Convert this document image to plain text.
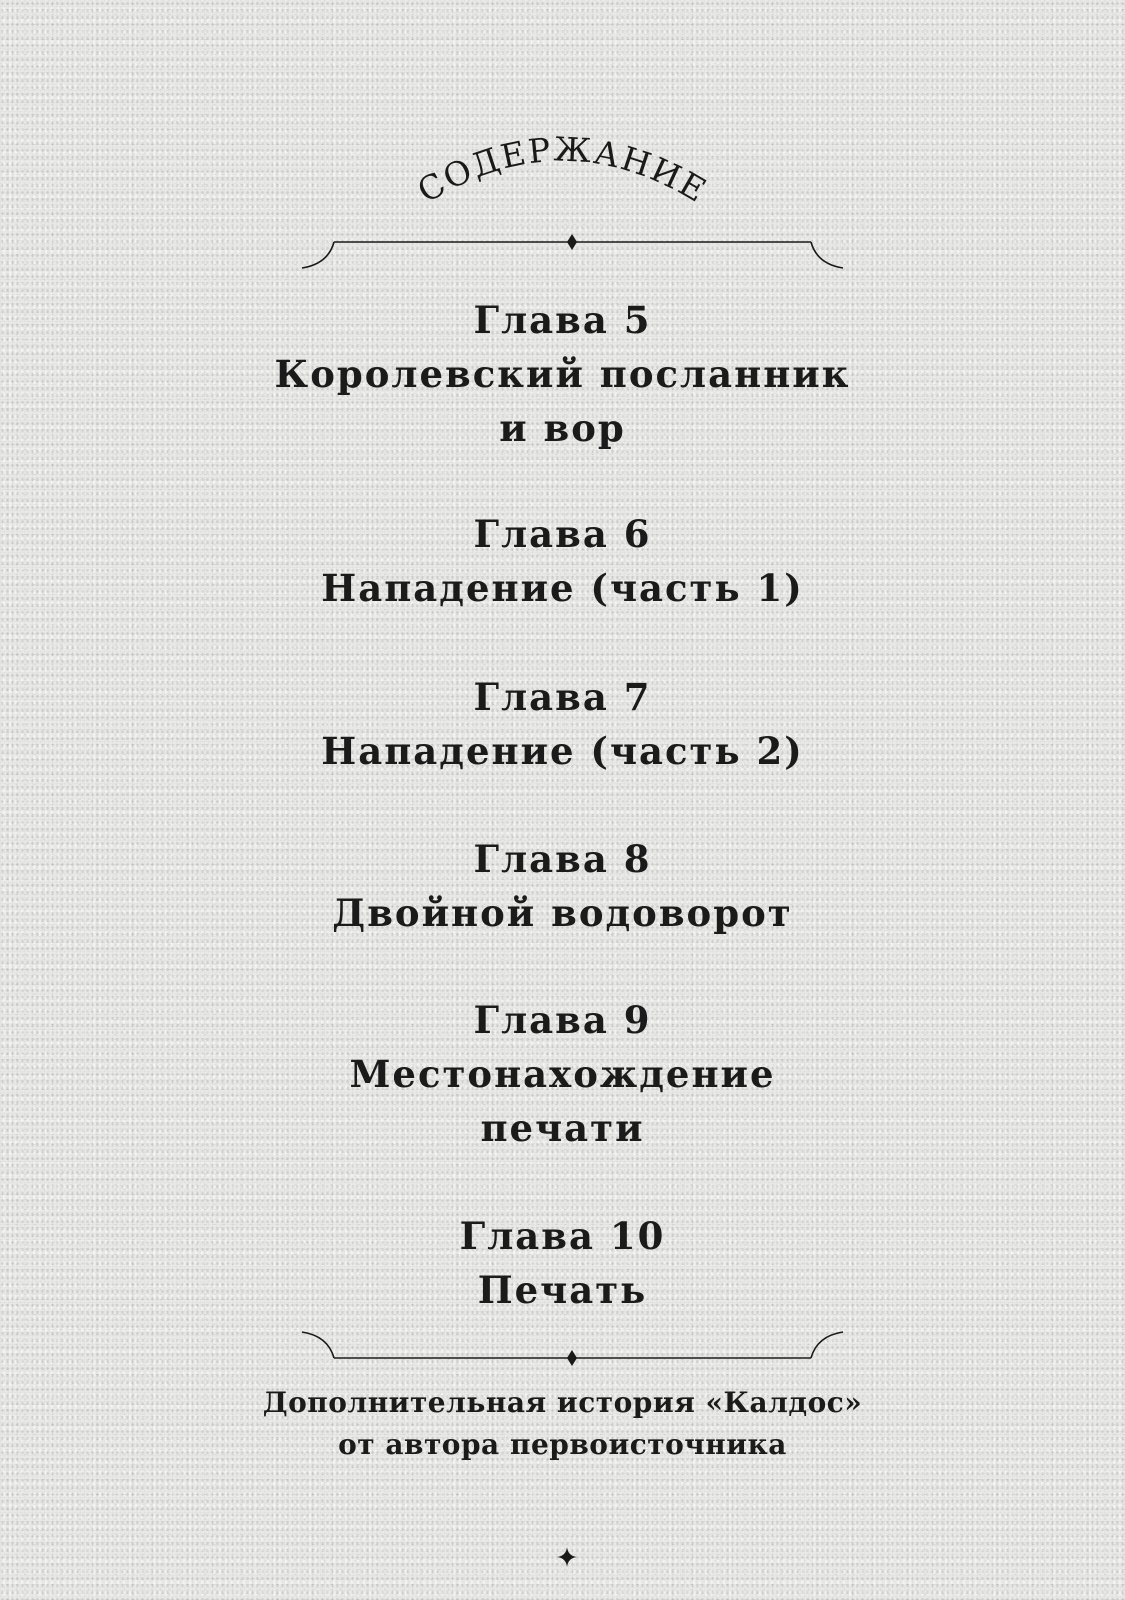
СОДЕРЖАНИЕ
Глава 5
Королевский посланник
и вор
Глава 6
Нападение (часть 1)
Глава 7
Нападение (часть 2)
Глава 8
Двойной водоворот
Глава 9
Местонахождение
печати
Глава 10
Печать
Дополнительная история «Калдос»
от автора первоисточника
